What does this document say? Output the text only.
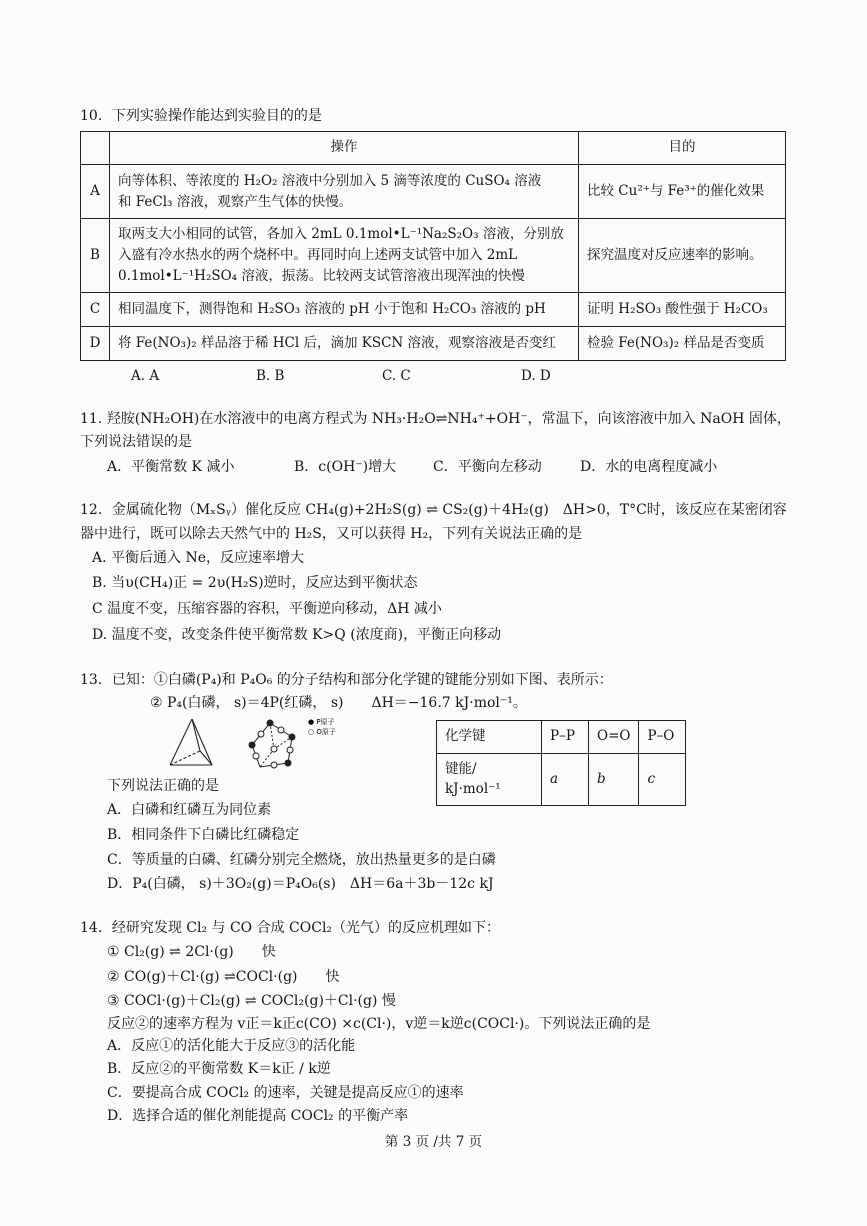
10．下列实验操作能达到实验目的的是
	操作	目的
A	向等体积、等浓度的 H₂O₂ 溶液中分别加入 5 滴等浓度的 CuSO₄ 溶液
和 FeCl₃ 溶液，观察产生气体的快慢。	比较 Cu²⁺与 Fe³⁺的催化效果
B	取两支大小相同的试管，各加入 2mL 0.1mol•L⁻¹Na₂S₂O₃ 溶液，分别放
入盛有冷水热水的两个烧杯中。再同时向上述两支试管中加入 2mL
0.1mol•L⁻¹H₂SO₄ 溶液，振荡。比较两支试管溶液出现浑浊的快慢	探究温度对反应速率的影响。
C	相同温度下，测得饱和 H₂SO₃ 溶液的 pH 小于饱和 H₂CO₃ 溶液的 pH	证明 H₂SO₃ 酸性强于 H₂CO₃
D	将 Fe(NO₃)₂ 样品溶于稀 HCl 后，滴加 KSCN 溶液，观察溶液是否变红	检验 Fe(NO₃)₂ 样品是否变质
A. A	B. B	C. C	D. D
11. 羟胺(NH₂OH)在水溶液中的电离方程式为 NH₃·H₂O⇌NH₄⁺+OH⁻，常温下，向该溶液中加入 NaOH 固体，
下列说法错误的是
A．平衡常数 K 减小	B．c(OH⁻)增大	C．平衡向左移动	D．水的电离程度减小
12．金属硫化物（MₓSᵧ）催化反应 CH₄(g)+2H₂S(g) ⇌ CS₂(g)＋4H₂(g)　ΔH>0，T°C时，该反应在某密闭容
器中进行，既可以除去天然气中的 H₂S，又可以获得 H₂，下列有关说法正确的是
A. 平衡后通入 Ne，反应速率增大
B. 当υ(CH₄)正 = 2υ(H₂S)逆时，反应达到平衡状态
C 温度不变，压缩容器的容积，平衡逆向移动，ΔH 减小
D. 温度不变，改变条件使平衡常数 K>Q (浓度商)，平衡正向移动
13．已知：①白磷(P₄)和 P₄O₆ 的分子结构和部分化学键的键能分别如下图、表所示：
② P₄(白磷， s)＝4P(红磷， s)　　ΔH＝−16.7 kJ·mol⁻¹。
● P原子
○ O原子	化学键	P–P	O=O	P–O
键能/ kJ·mol⁻¹	a	b	c
下列说法正确的是
A．白磷和红磷互为同位素
B．相同条件下白磷比红磷稳定
C．等质量的白磷、红磷分别完全燃烧，放出热量更多的是白磷
D．P₄(白磷， s)＋3O₂(g)＝P₄O₆(s)　ΔH＝6a＋3b－12c kJ
14．经研究发现 Cl₂ 与 CO 合成 COCl₂（光气）的反应机理如下：
① Cl₂(g) ⇌ 2Cl·(g)　　快
② CO(g)＋Cl·(g) ⇌COCl·(g)　　快
③ COCl·(g)＋Cl₂(g) ⇌ COCl₂(g)＋Cl·(g) 慢
反应②的速率方程为 v正＝k正c(CO) ×c(Cl·)，v逆＝k逆c(COCl·)。下列说法正确的是
A．反应①的活化能大于反应③的活化能
B．反应②的平衡常数 K＝k正 / k逆
C．要提高合成 COCl₂ 的速率，关键是提高反应①的速率
D．选择合适的催化剂能提高 COCl₂ 的平衡产率
第 3 页 /共 7 页
